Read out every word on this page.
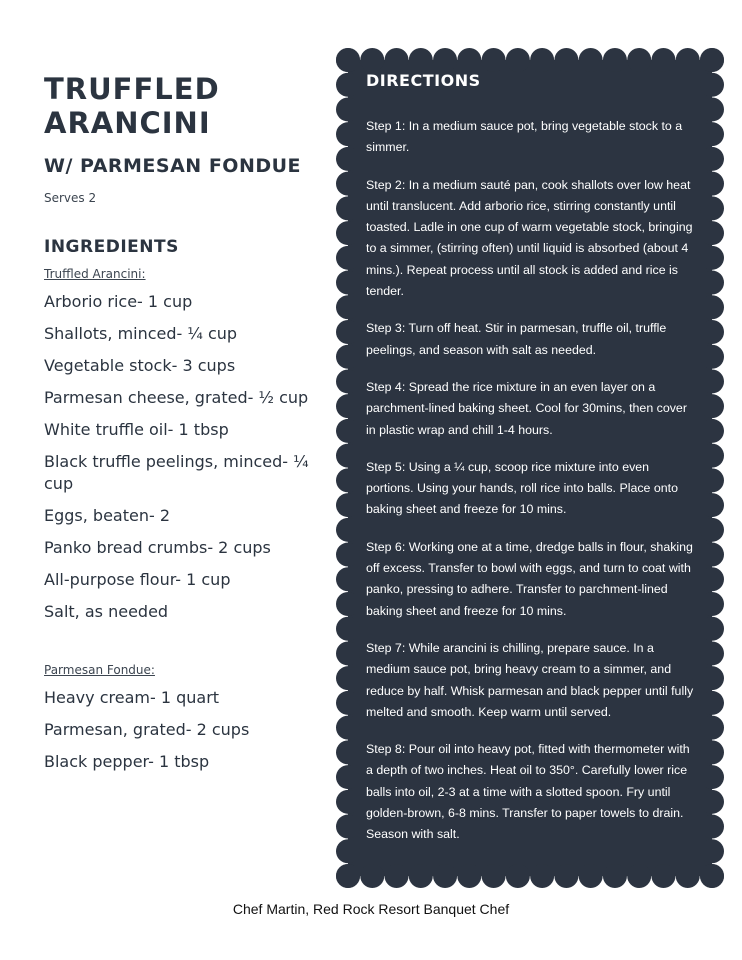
TRUFFLED ARANCINI
W/ PARMESAN FONDUE

Serves 2

INGREDIENTS

Truffled Arancini:

Arborio rice- 1 cup
Shallots, minced- ¼ cup
Vegetable stock- 3 cups
Parmesan cheese, grated- ½ cup
White truffle oil- 1 tbsp
Black truffle peelings, minced- ¼ cup
Eggs, beaten- 2
Panko bread crumbs- 2 cups
All-purpose flour- 1 cup
Salt, as needed

Parmesan Fondue:

Heavy cream- 1 quart
Parmesan, grated- 2 cups
Black pepper- 1 tbsp
DIRECTIONS

Step 1: In a medium sauce pot, bring vegetable stock to a simmer.

Step 2: In a medium sauté pan, cook shallots over low heat until translucent. Add arborio rice, stirring constantly until toasted. Ladle in one cup of warm vegetable stock, bringing to a simmer, (stirring often) until liquid is absorbed (about 4 mins.). Repeat process until all stock is added and rice is tender.

Step 3: Turn off heat. Stir in parmesan, truffle oil, truffle peelings, and season with salt as needed.

Step 4: Spread the rice mixture in an even layer on a parchment-lined baking sheet. Cool for 30mins, then cover in plastic wrap and chill 1-4 hours.

Step 5: Using a ¼ cup, scoop rice mixture into even portions. Using your hands, roll rice into balls. Place onto baking sheet and freeze for 10 mins.

Step 6: Working one at a time, dredge balls in flour, shaking off excess. Transfer to bowl with eggs, and turn to coat with panko, pressing to adhere. Transfer to parchment-lined baking sheet and freeze for 10 mins.

Step 7: While arancini is chilling, prepare sauce. In a medium sauce pot, bring heavy cream to a simmer, and reduce by half. Whisk parmesan and black pepper until fully melted and smooth. Keep warm until served.

Step 8: Pour oil into heavy pot, fitted with thermometer with a depth of two inches. Heat oil to 350°. Carefully lower rice balls into oil, 2-3 at a time with a slotted spoon. Fry until golden-brown, 6-8 mins. Transfer to paper towels to drain. Season with salt.

Chef Martin, Red Rock Resort Banquet Chef
